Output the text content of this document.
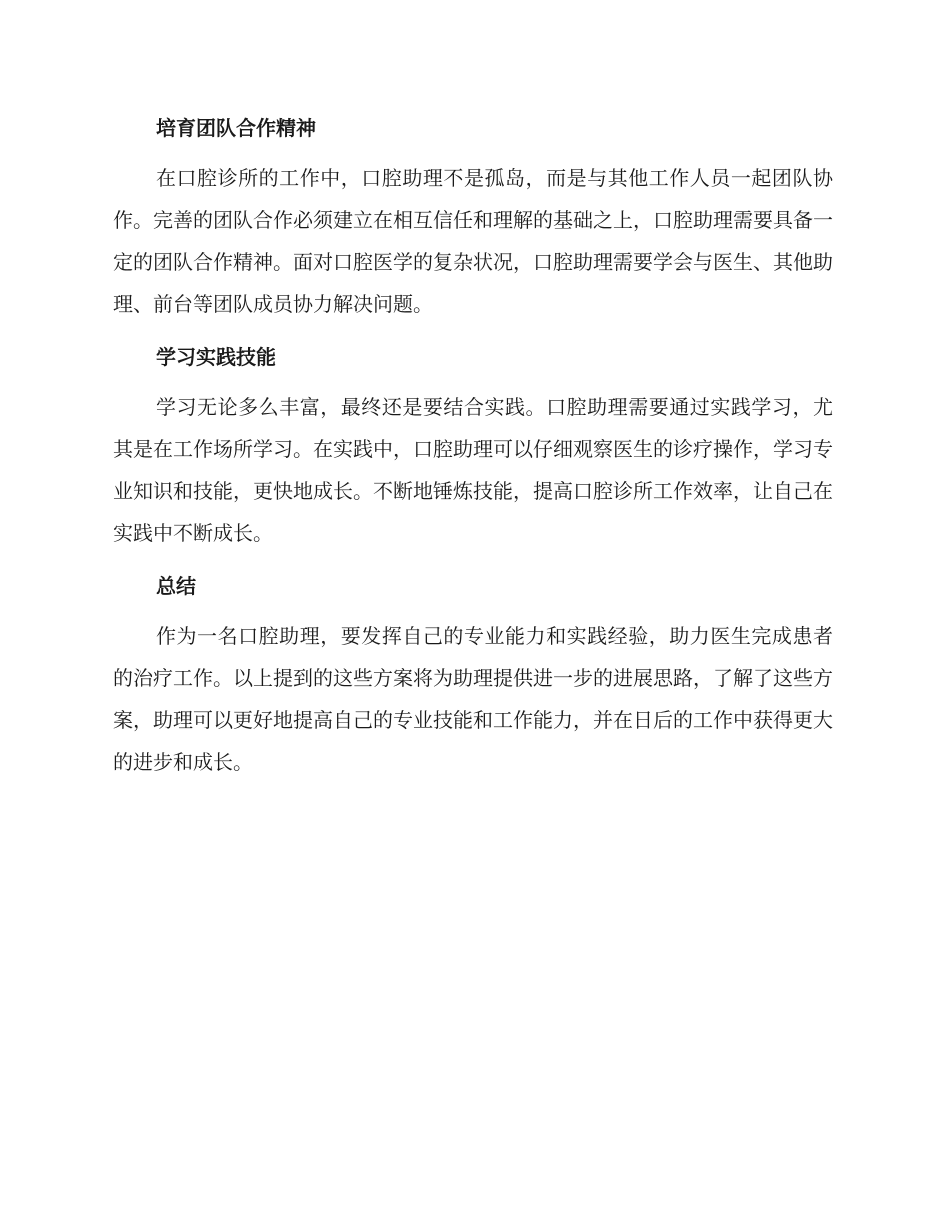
培育团队合作精神

在口腔诊所的工作中，口腔助理不是孤岛，而是与其他工作人员一起团队协作。完善的团队合作必须建立在相互信任和理解的基础之上，口腔助理需要具备一定的团队合作精神。面对口腔医学的复杂状况，口腔助理需要学会与医生、其他助理、前台等团队成员协力解决问题。

学习实践技能

学习无论多么丰富，最终还是要结合实践。口腔助理需要通过实践学习，尤其是在工作场所学习。在实践中，口腔助理可以仔细观察医生的诊疗操作，学习专业知识和技能，更快地成长。不断地锤炼技能，提高口腔诊所工作效率，让自己在实践中不断成长。

总结

作为一名口腔助理，要发挥自己的专业能力和实践经验，助力医生完成患者的治疗工作。以上提到的这些方案将为助理提供进一步的进展思路，了解了这些方案，助理可以更好地提高自己的专业技能和工作能力，并在日后的工作中获得更大的进步和成长。
